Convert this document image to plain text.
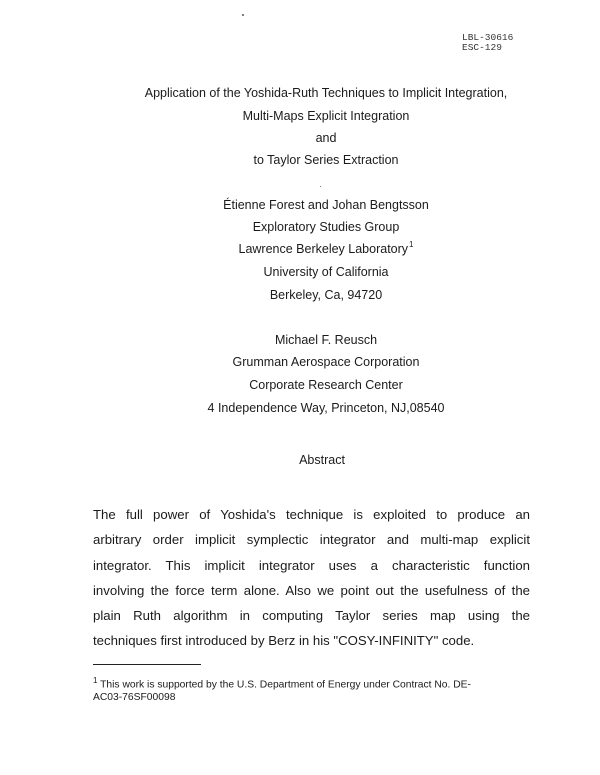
LBL-30616
ESC-129
Application of the Yoshida-Ruth Techniques to Implicit Integration,
Multi-Maps Explicit Integration
and
to Taylor Series Extraction
Étienne Forest and Johan Bengtsson
Exploratory Studies Group
Lawrence Berkeley Laboratory$^1$
University of California
Berkeley, Ca, 94720
Michael F. Reusch
Grumman Aerospace Corporation
Corporate Research Center
4 Independence Way, Princeton, NJ,08540
Abstract
The full power of Yoshida's technique is exploited to produce an
arbitrary order implicit symplectic integrator and multi-map explicit
integrator. This implicit integrator uses a characteristic function
involving the force term alone. Also we point out the usefulness of the
plain Ruth algorithm in computing Taylor series map using the
techniques first introduced by Berz in his "COSY-INFINITY" code.
$^1$ This work is supported by the U.S. Department of Energy under Contract No. DE-
AC03-76SF00098
